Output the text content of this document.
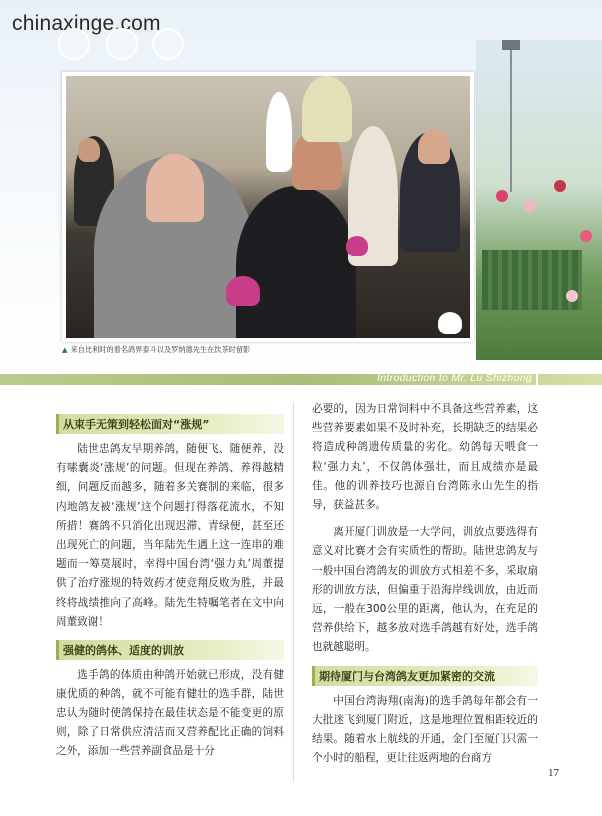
chinaxinge.com
▲ 来自比利时的着名鸽界泰斗以及罗纳德先生在饮茶时留影
Introduction to Mr. Lu Shizhong
从束手无策到轻松面对“涨规”

陆世忠鸽友早期养鸽，随便飞、随便养，没有嗉囊炎‘涨规’的问题。但现在养鸽、养得越精细，问题反而越多，随着多关赛制的来临，很多内地鸽友被‘涨规’这个问题打得落花流水，不知所措！赛鸽不只消化出现迟滞、青绿便，甚至还出现死亡的问题，当年陆先生遇上这一连串的难题而一筹莫展时，幸得中国台湾‘强力丸’周董提供了治疗涨规的特效药才使竞翔反败为胜，并最终将战绩推向了高峰。陆先生特嘱笔者在文中向周董致谢！

强健的鸽体、适度的训放

选手鸽的体质由种鸽开始就已形成，没有健康优质的种鸽，就不可能有健壮的选手群，陆世忠认为随时使鸽保持在最佳状态是不能变更的原则，除了日常供应清洁而又营养配比正确的饲料之外，添加一些营养副食品是十分

必要的，因为日常饲料中不具备这些营养素，这些营养要素如果不及时补充，长期缺乏的结果必将造成种鸽遗传质量的劣化。幼鸽每天喂食一粒‘强力丸’，不仅鸽体强壮，而且成绩亦是最佳。他的训养技巧也源自台湾陈永山先生的指导，获益甚多。

离开厦门训放是一大学问，训放点要选得有意义对比赛才会有实质性的帮助。陆世忠鸽友与一般中国台湾鸽友的训放方式相差不多，采取扇形的训放方法，但偏重于沿海岸线训放，由近而远，一般在300公里的距离，他认为，在充足的营养供给下，越多放对选手鸽越有好处，选手鸽也就越聪明。

期待厦门与台湾鸽友更加紧密的交流

中国台湾海翔(南海)的选手鸽每年都会有一大批迷飞到厦门附近，这是地理位置相距较近的结果。随着水上航线的开通，金门至厦门只需一个小时的船程，更让往返两地的台商方

17
